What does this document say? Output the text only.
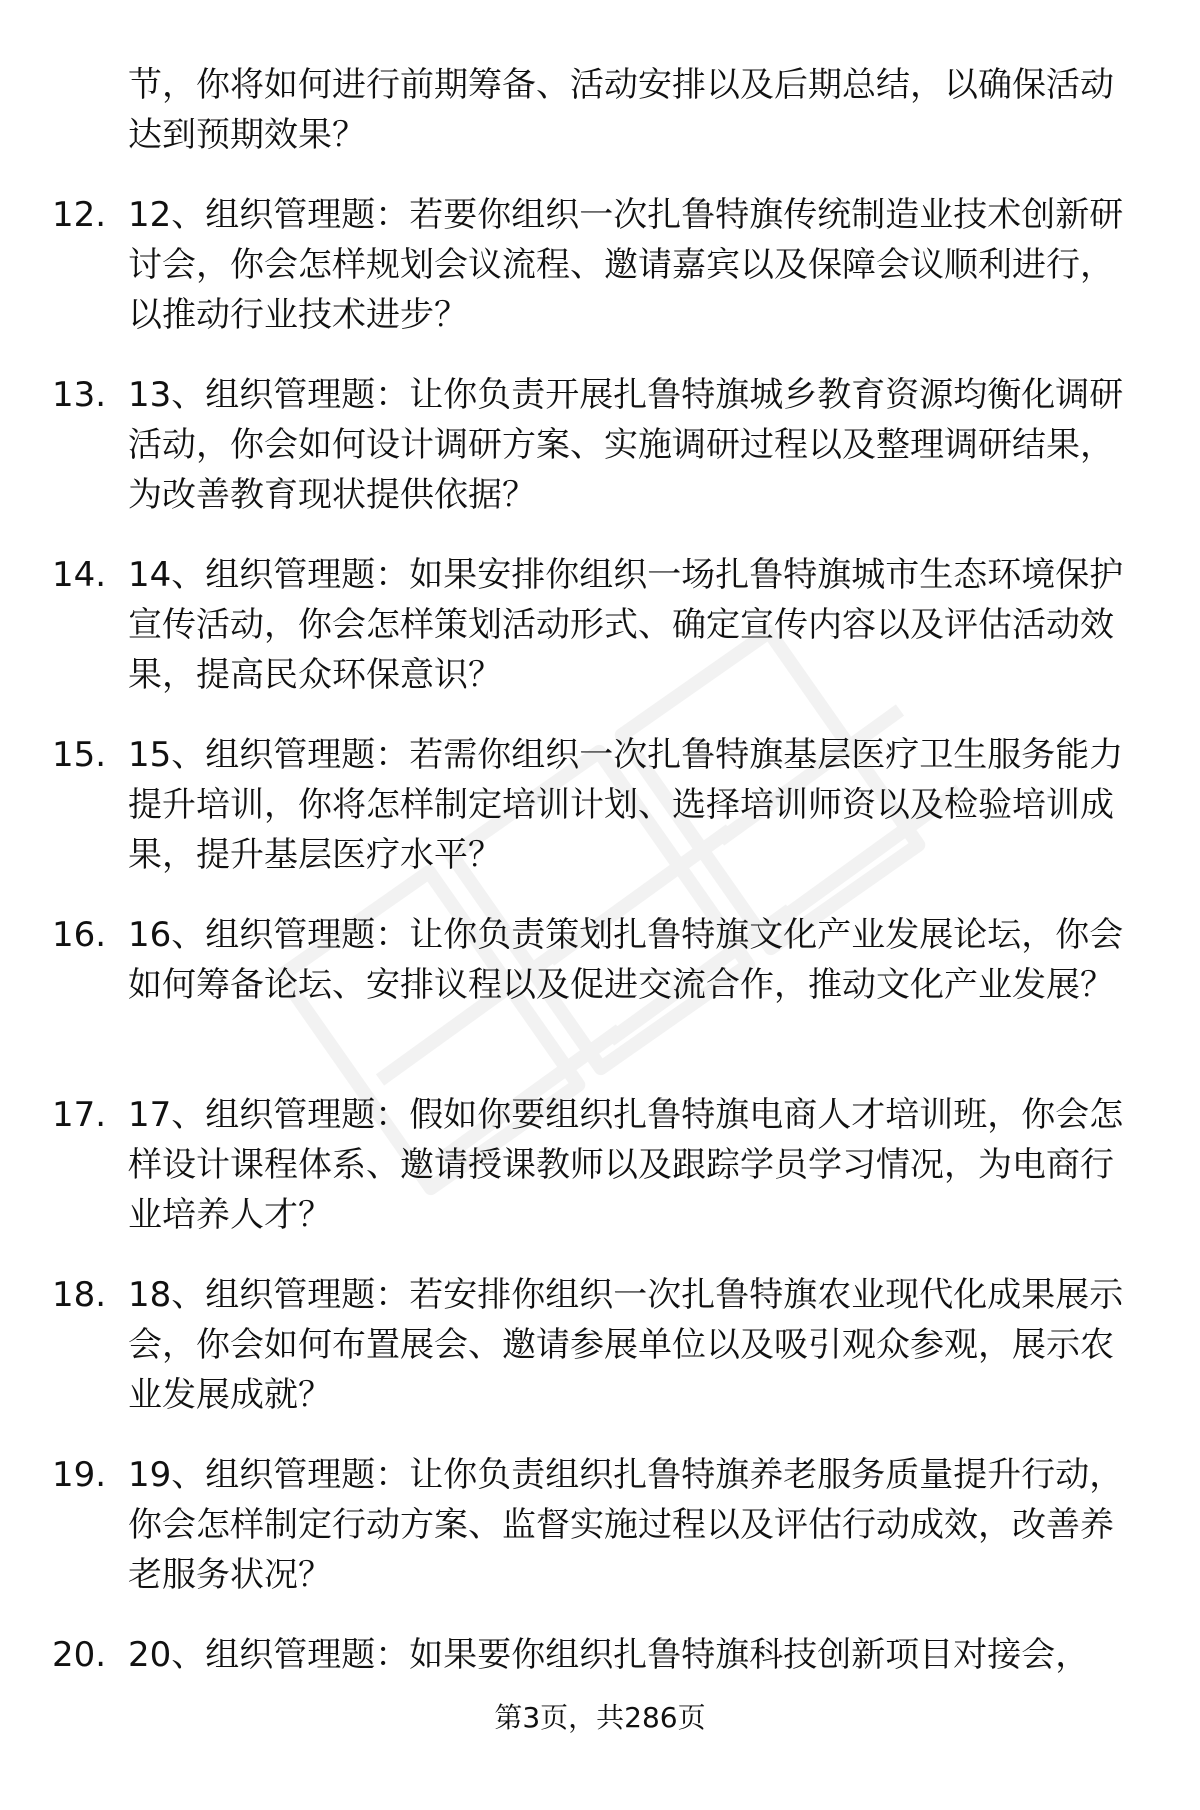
节，你将如何进行前期筹备、活动安排以及后期总结，以确保活动达到预期效果？

12. 12、组织管理题：若要你组织一次扎鲁特旗传统制造业技术创新研讨会，你会怎样规划会议流程、邀请嘉宾以及保障会议顺利进行，以推动行业技术进步？

13. 13、组织管理题：让你负责开展扎鲁特旗城乡教育资源均衡化调研活动，你会如何设计调研方案、实施调研过程以及整理调研结果，为改善教育现状提供依据？

14. 14、组织管理题：如果安排你组织一场扎鲁特旗城市生态环境保护宣传活动，你会怎样策划活动形式、确定宣传内容以及评估活动效果，提高民众环保意识？

15. 15、组织管理题：若需你组织一次扎鲁特旗基层医疗卫生服务能力提升培训，你将怎样制定培训计划、选择培训师资以及检验培训成果，提升基层医疗水平？

16. 16、组织管理题：让你负责策划扎鲁特旗文化产业发展论坛，你会如何筹备论坛、安排议程以及促进交流合作，推动文化产业发展？

17. 17、组织管理题：假如你要组织扎鲁特旗电商人才培训班，你会怎样设计课程体系、邀请授课教师以及跟踪学员学习情况，为电商行业培养人才？

18. 18、组织管理题：若安排你组织一次扎鲁特旗农业现代化成果展示会，你会如何布置展会、邀请参展单位以及吸引观众参观，展示农业发展成就？

19. 19、组织管理题：让你负责组织扎鲁特旗养老服务质量提升行动，你会怎样制定行动方案、监督实施过程以及评估行动成效，改善养老服务状况？

20. 20、组织管理题：如果要你组织扎鲁特旗科技创新项目对接会，

第3页，共286页
